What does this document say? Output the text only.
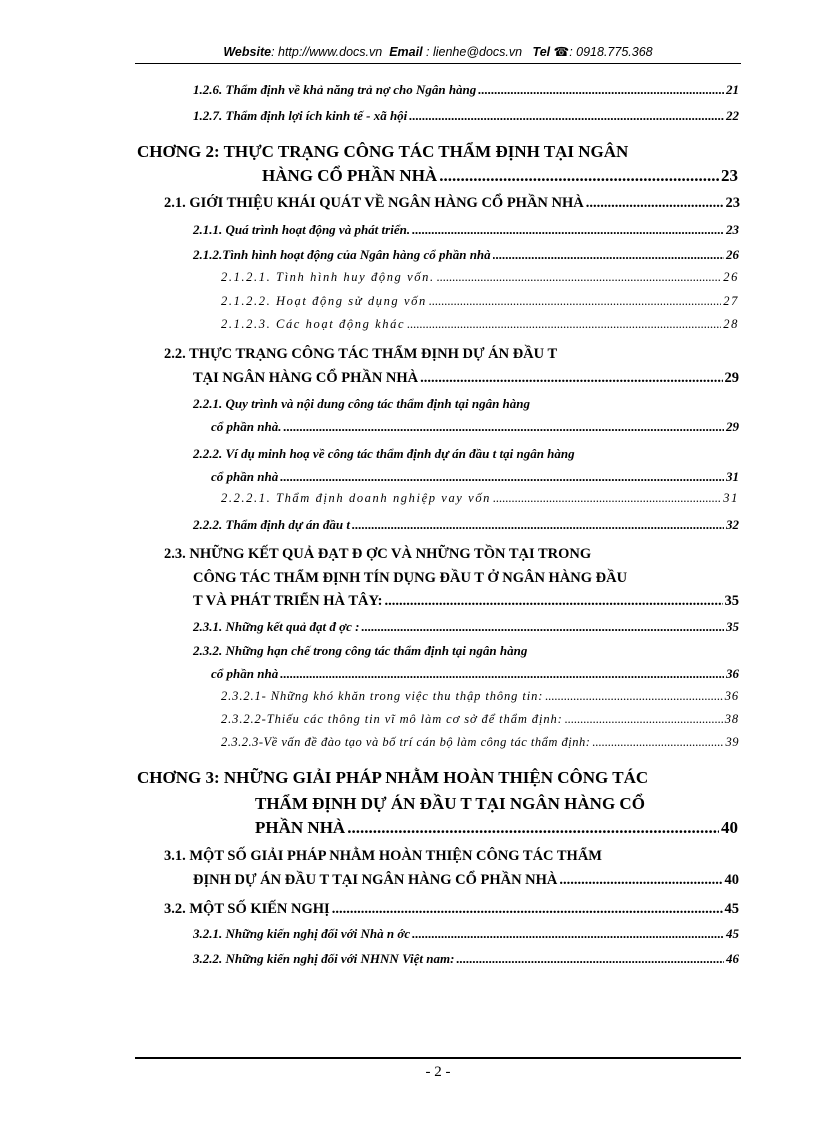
Website: http://www.docs.vn Email : lienhe@docs.vn Tel ☎: 0918.775.368
1.2.6. Thẩm định về khả năng trả nợ cho Ngân hàng .....	21
1.2.7. Thẩm định lợi ích kinh tế - xã hội .....	22
CHƠNG 2: THỰC TRẠNG CÔNG TÁC THẨM ĐỊNH TẠI NGÂN
HÀNG CỔ PHẦN NHÀ .....	23
2.1. GIỚI THIỆU KHÁI QUÁT VỀ NGÂN HÀNG CỔ PHẦN NHÀ .....	23
2.1.1. Quá trình hoạt động và phát triển. .....	23
2.1.2.Tình hình hoạt động của Ngân hàng cổ phần nhà .....	26
2.1.2.1. Tình hình huy động vốn. .....	26
2.1.2.2. Hoạt động sử dụng vốn .....	27
2.1.2.3. Các hoạt động khác .....	28
2.2. THỰC TRẠNG CÔNG TÁC THẨM ĐỊNH DỰ ÁN ĐẦU T
TẠI NGÂN HÀNG CỔ PHẦN NHÀ .....	29
2.2.1. Quy trình và nội dung công tác thẩm định tại ngân hàng
cổ phần nhà. .....	29
2.2.2. Ví dụ minh hoạ về công tác thẩm định dự án đầu t tại ngân hàng
cổ phần nhà .....	31
2.2.2.1. Thẩm định doanh nghiệp vay vốn .....	31
2.2.2. Thẩm định dự án đầu t .....	32
2.3. NHỮNG KẾT QUẢ ĐẠT Đ ỢC VÀ NHỮNG TỒN TẠI TRONG
CÔNG TÁC THẨM ĐỊNH TÍN DỤNG ĐẦU T Ở NGÂN HÀNG ĐẦU
T VÀ PHÁT TRIỂN HÀ TÂY: .....	35
2.3.1. Những kết quả đạt đ ợc : .....	35
2.3.2. Những hạn chế trong công tác thẩm định tại ngân hàng
cổ phần nhà .....	36
2.3.2.1- Những khó khăn trong việc thu thập thông tin: .....	36
2.3.2.2-Thiếu các thông tin vĩ mô làm cơ sở để thẩm định: .....	38
2.3.2.3-Về vấn đề đào tạo và bố trí cán bộ làm công tác thẩm định: .....	39
CHƠNG 3: NHỮNG GIẢI PHÁP NHẰM HOÀN THIỆN CÔNG TÁC
THẨM ĐỊNH DỰ ÁN ĐẦU T TẠI NGÂN HÀNG CỔ
PHẦN NHÀ .....	40
3.1. MỘT SỐ GIẢI PHÁP NHẰM HOÀN THIỆN CÔNG TÁC THẨM
ĐỊNH DỰ ÁN ĐẦU T TẠI NGÂN HÀNG CỔ PHẦN NHÀ .....	40
3.2. MỘT SỐ KIẾN NGHỊ .....	45
3.2.1. Những kiến nghị đối với Nhà n ớc .....	45
3.2.2. Những kiến nghị đối với NHNN Việt nam: .....	46
- 2 -
